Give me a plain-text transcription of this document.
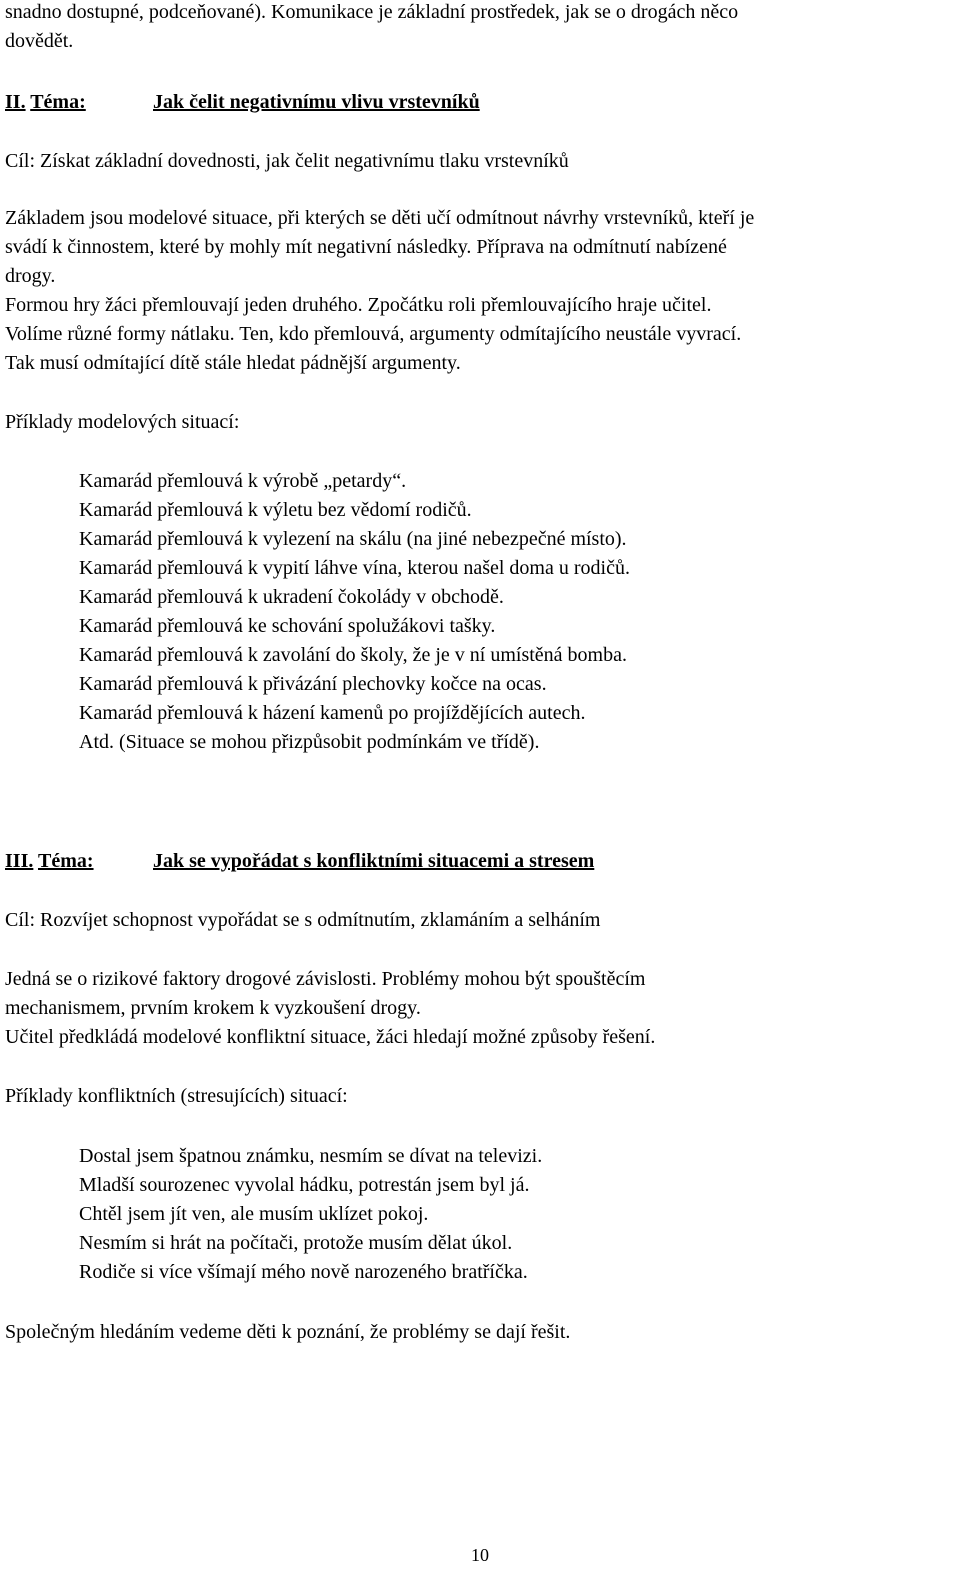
snadno dostupné, podceňované). Komunikace je základní prostředek, jak se o drogách něco
dovědět.
II. Téma:	Jak čelit negativnímu vlivu vrstevníků
Cíl: Získat základní dovednosti, jak čelit negativnímu tlaku vrstevníků
Základem jsou modelové situace, při kterých se děti učí odmítnout návrhy vrstevníků, kteří je
svádí k činnostem, které by mohly mít negativní následky. Příprava na odmítnutí nabízené
drogy.
Formou hry žáci přemlouvají jeden druhého. Zpočátku roli přemlouvajícího hraje učitel.
Volíme různé formy nátlaku. Ten, kdo přemlouvá, argumenty odmítajícího neustále vyvrací.
Tak musí odmítající dítě stále hledat pádnější argumenty.
Příklady modelových situací:
Kamarád přemlouvá k výrobě „petardy“.
Kamarád přemlouvá k výletu bez vědomí rodičů.
Kamarád přemlouvá k vylezení na skálu (na jiné nebezpečné místo).
Kamarád přemlouvá k vypití láhve vína, kterou našel doma u rodičů.
Kamarád přemlouvá k ukradení čokolády v obchodě.
Kamarád přemlouvá ke schování spolužákovi tašky.
Kamarád přemlouvá k zavolání do školy, že je v ní umístěná bomba.
Kamarád přemlouvá k přivázání plechovky kočce na ocas.
Kamarád přemlouvá k házení kamenů po projíždějících autech.
Atd. (Situace se mohou přizpůsobit podmínkám ve třídě).
III. Téma:	Jak se vypořádat s konfliktními situacemi a stresem
Cíl: Rozvíjet schopnost vypořádat se s odmítnutím, zklamáním a selháním
Jedná se o rizikové faktory drogové závislosti. Problémy mohou být spouštěcím
mechanismem, prvním krokem k vyzkoušení drogy.
Učitel předkládá modelové konfliktní situace, žáci hledají možné způsoby řešení.
Příklady konfliktních (stresujících) situací:
Dostal jsem špatnou známku, nesmím se dívat na televizi.
Mladší sourozenec vyvolal hádku, potrestán jsem byl já.
Chtěl jsem jít ven, ale musím uklízet pokoj.
Nesmím si hrát na počítači, protože musím dělat úkol.
Rodiče si více všímají mého nově narozeného bratříčka.
Společným hledáním vedeme děti k poznání, že problémy se dají řešit.
10
